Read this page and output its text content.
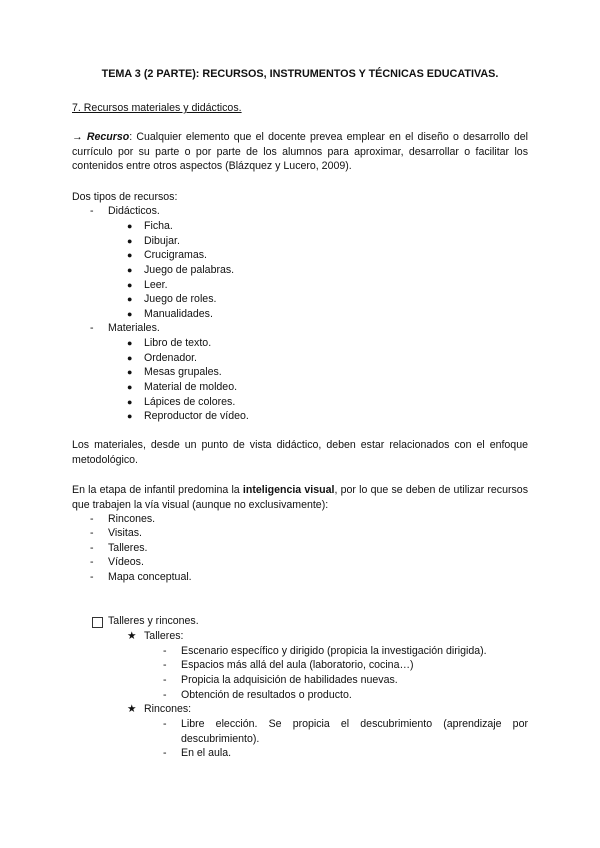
TEMA 3 (2 PARTE): RECURSOS, INSTRUMENTOS Y TÉCNICAS EDUCATIVAS.
7. Recursos materiales y didácticos.
→ Recurso: Cualquier elemento que el docente prevea emplear en el diseño o desarrollo del currículo por su parte o por parte de los alumnos para aproximar, desarrollar o facilitar los contenidos entre otros aspectos (Blázquez y Lucero, 2009).
Dos tipos de recursos:
- Didácticos.
● Ficha.
● Dibujar.
● Crucigramas.
● Juego de palabras.
● Leer.
● Juego de roles.
● Manualidades.
- Materiales.
● Libro de texto.
● Ordenador.
● Mesas grupales.
● Material de moldeo.
● Lápices de colores.
● Reproductor de vídeo.
Los materiales, desde un punto de vista didáctico, deben estar relacionados con el enfoque metodológico.
En la etapa de infantil predomina la inteligencia visual, por lo que se deben de utilizar recursos que trabajen la vía visual (aunque no exclusivamente):
- Rincones.
- Visitas.
- Talleres.
- Vídeos.
- Mapa conceptual.
Talleres y rincones.
★ Talleres:
- Escenario específico y dirigido (propicia la investigación dirigida).
- Espacios más allá del aula (laboratorio, cocina…)
- Propicia la adquisición de habilidades nuevas.
- Obtención de resultados o producto.
★ Rincones:
- Libre elección. Se propicia el descubrimiento (aprendizaje por descubrimiento).
- En el aula.
